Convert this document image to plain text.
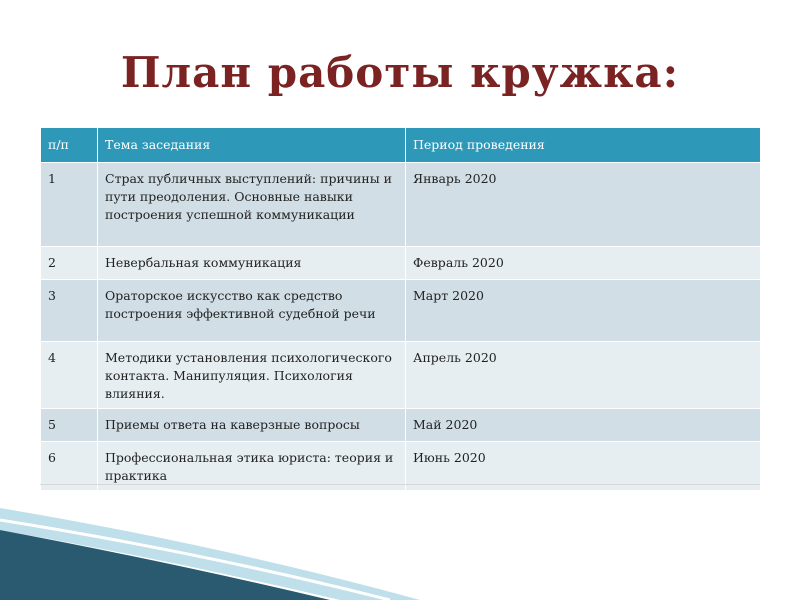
План работы кружка:
п/п	Тема заседания	Период проведения
1	Страх публичных выступлений: причины и пути преодоления. Основные навыки построения успешной коммуникации	Январь 2020
2	Невербальная коммуникация	Февраль 2020
3	Ораторское искусство как средство построения эффективной судебной речи	Март 2020
4	Методики установления психологического контакта. Манипуляция. Психология влияния.	Апрель 2020
5	Приемы ответа на каверзные вопросы	Май 2020
6	Профессиональная этика юриста: теория и практика	Июнь 2020
